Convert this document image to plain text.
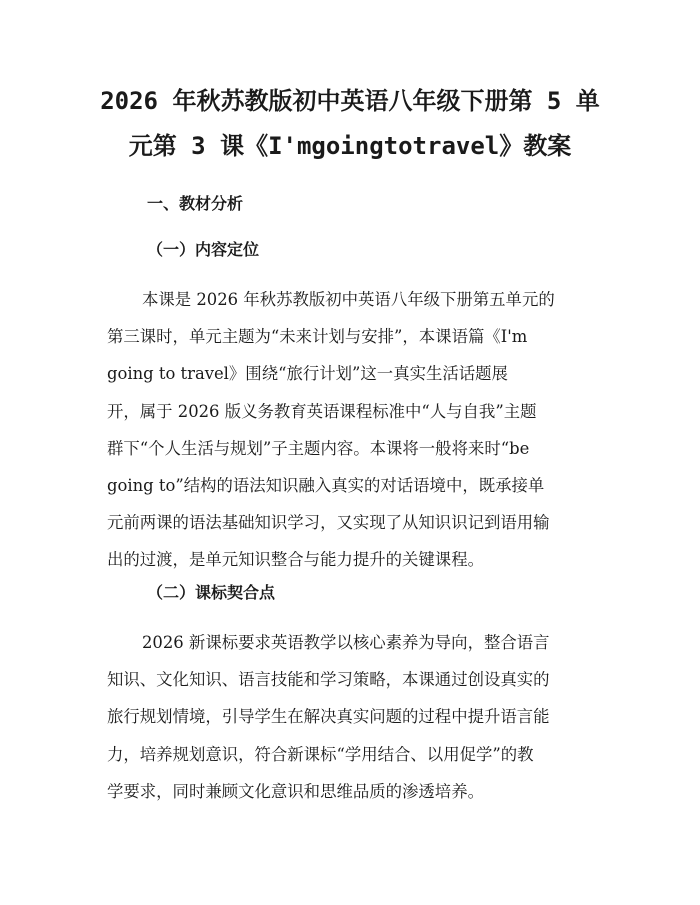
2026 年秋苏教版初中英语八年级下册第 5 单
元第 3 课《I'mgoingtotravel》教案
一、教材分析
（一）内容定位
本课是 2026 年秋苏教版初中英语八年级下册第五单元的
第三课时，单元主题为“未来计划与安排”，本课语篇《I'm
going to travel》围绕“旅行计划”这一真实生活话题展
开，属于 2026 版义务教育英语课程标准中“人与自我”主题
群下“个人生活与规划”子主题内容。本课将一般将来时“be
going to”结构的语法知识融入真实的对话语境中，既承接单
元前两课的语法基础知识学习，又实现了从知识识记到语用输
出的过渡，是单元知识整合与能力提升的关键课程。
（二）课标契合点
2026 新课标要求英语教学以核心素养为导向，整合语言
知识、文化知识、语言技能和学习策略，本课通过创设真实的
旅行规划情境，引导学生在解决真实问题的过程中提升语言能
力，培养规划意识，符合新课标“学用结合、以用促学”的教
学要求，同时兼顾文化意识和思维品质的渗透培养。
